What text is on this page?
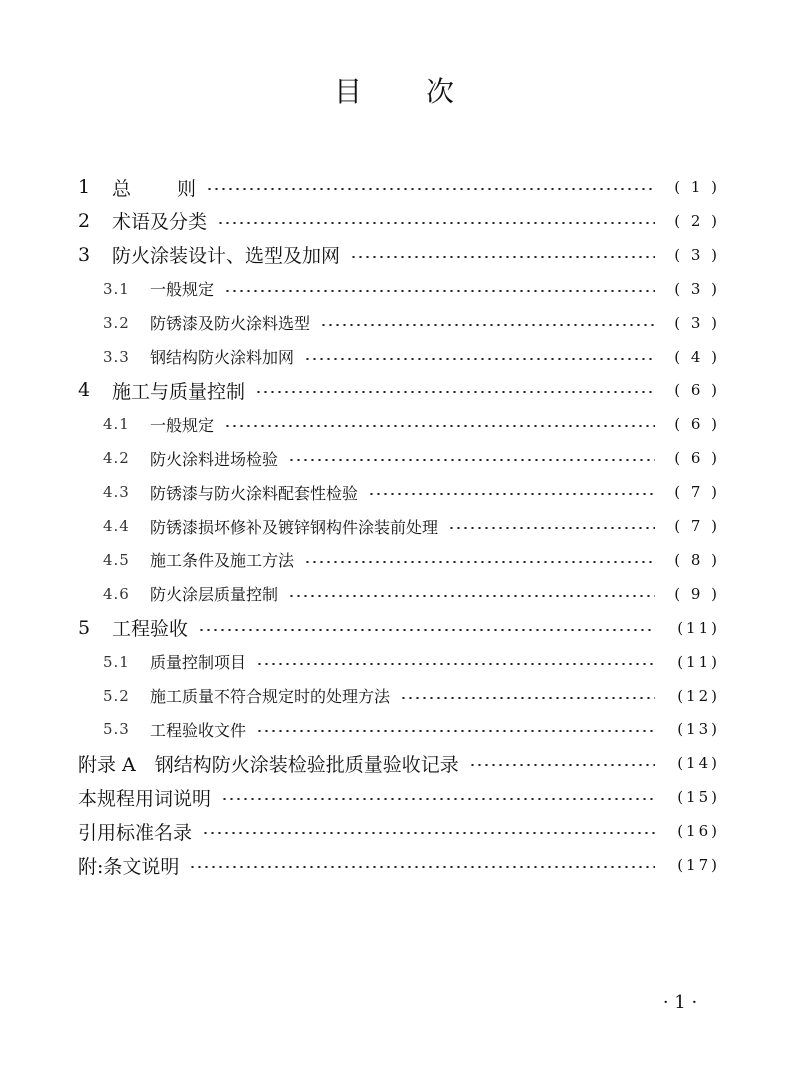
目 次
1	总 则	( 1 )
2	术语及分类	( 2 )
3	防火涂装设计、选型及加网	( 3 )
3.1	一般规定	( 3 )
3.2	防锈漆及防火涂料选型	( 3 )
3.3	钢结构防火涂料加网	( 4 )
4	施工与质量控制	( 6 )
4.1	一般规定	( 6 )
4.2	防火涂料进场检验	( 6 )
4.3	防锈漆与防火涂料配套性检验	( 7 )
4.4	防锈漆损坏修补及镀锌钢构件涂装前处理	( 7 )
4.5	施工条件及施工方法	( 8 )
4.6	防火涂层质量控制	( 9 )
5	工程验收	(11)
5.1	质量控制项目	(11)
5.2	施工质量不符合规定时的处理方法	(12)
5.3	工程验收文件	(13)
附录 A　钢结构防火涂装检验批质量验收记录	(14)
本规程用词说明	(15)
引用标准名录	(16)
附:条文说明	(17)
· 1 ·
